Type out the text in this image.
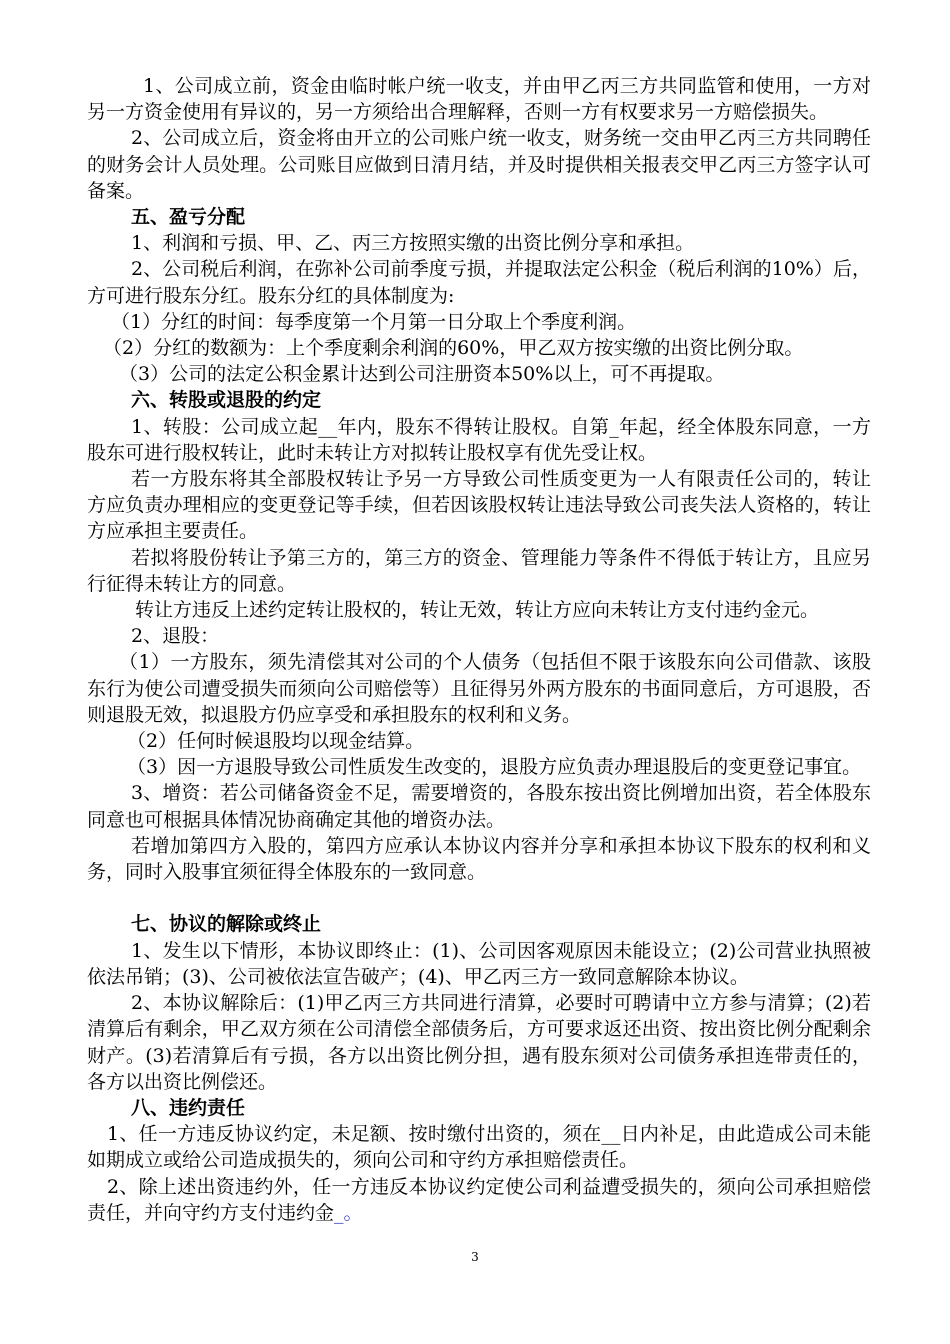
1、公司成立前，资金由临时帐户统一收支，并由甲乙丙三方共同监管和使用，一方对另一方资金使用有异议的，另一方须给出合理解释，否则一方有权要求另一方赔偿损失。

2、公司成立后，资金将由开立的公司账户统一收支，财务统一交由甲乙丙三方共同聘任的财务会计人员处理。公司账目应做到日清月结，并及时提供相关报表交甲乙丙三方签字认可备案。

五、盈亏分配

1、利润和亏损、甲、乙、丙三方按照实缴的出资比例分享和承担。

2、公司税后利润，在弥补公司前季度亏损，并提取法定公积金（税后利润的10%）后，方可进行股东分红。股东分红的具体制度为:

（1）分红的时间：每季度第一个月第一日分取上个季度利润。

（2）分红的数额为：上个季度剩余利润的60%，甲乙双方按实缴的出资比例分取。

（3）公司的法定公积金累计达到公司注册资本50%以上，可不再提取。

六、转股或退股的约定

1、转股：公司成立起__年内，股东不得转让股权。自第_年起，经全体股东同意，一方股东可进行股权转让，此时未转让方对拟转让股权享有优先受让权。

若一方股东将其全部股权转让予另一方导致公司性质变更为一人有限责任公司的，转让方应负责办理相应的变更登记等手续，但若因该股权转让违法导致公司丧失法人资格的，转让方应承担主要责任。

若拟将股份转让予第三方的，第三方的资金、管理能力等条件不得低于转让方，且应另行征得未转让方的同意。

转让方违反上述约定转让股权的，转让无效，转让方应向未转让方支付违约金元。

2、退股：

（1）一方股东，须先清偿其对公司的个人债务（包括但不限于该股东向公司借款、该股东行为使公司遭受损失而须向公司赔偿等）且征得另外两方股东的书面同意后，方可退股，否则退股无效，拟退股方仍应享受和承担股东的权利和义务。

（2）任何时候退股均以现金结算。

（3）因一方退股导致公司性质发生改变的，退股方应负责办理退股后的变更登记事宜。

3、增资：若公司储备资金不足，需要增资的，各股东按出资比例增加出资，若全体股东同意也可根据具体情况协商确定其他的增资办法。

若增加第四方入股的，第四方应承认本协议内容并分享和承担本协议下股东的权利和义务，同时入股事宜须征得全体股东的一致同意。

七、协议的解除或终止

1、发生以下情形，本协议即终止：(1)、公司因客观原因未能设立；(2)公司营业执照被依法吊销；(3)、公司被依法宣告破产；(4)、甲乙丙三方一致同意解除本协议。

2、本协议解除后：(1)甲乙丙三方共同进行清算，必要时可聘请中立方参与清算；(2)若清算后有剩余，甲乙双方须在公司清偿全部债务后，方可要求返还出资、按出资比例分配剩余财产。(3)若清算后有亏损，各方以出资比例分担，遇有股东须对公司债务承担连带责任的，各方以出资比例偿还。

八、违约责任

1、任一方违反协议约定，未足额、按时缴付出资的，须在__日内补足，由此造成公司未能如期成立或给公司造成损失的，须向公司和守约方承担赔偿责任。

2、除上述出资违约外，任一方违反本协议约定使公司利益遭受损失的，须向公司承担赔偿责任，并向守约方支付违约金_。

3
